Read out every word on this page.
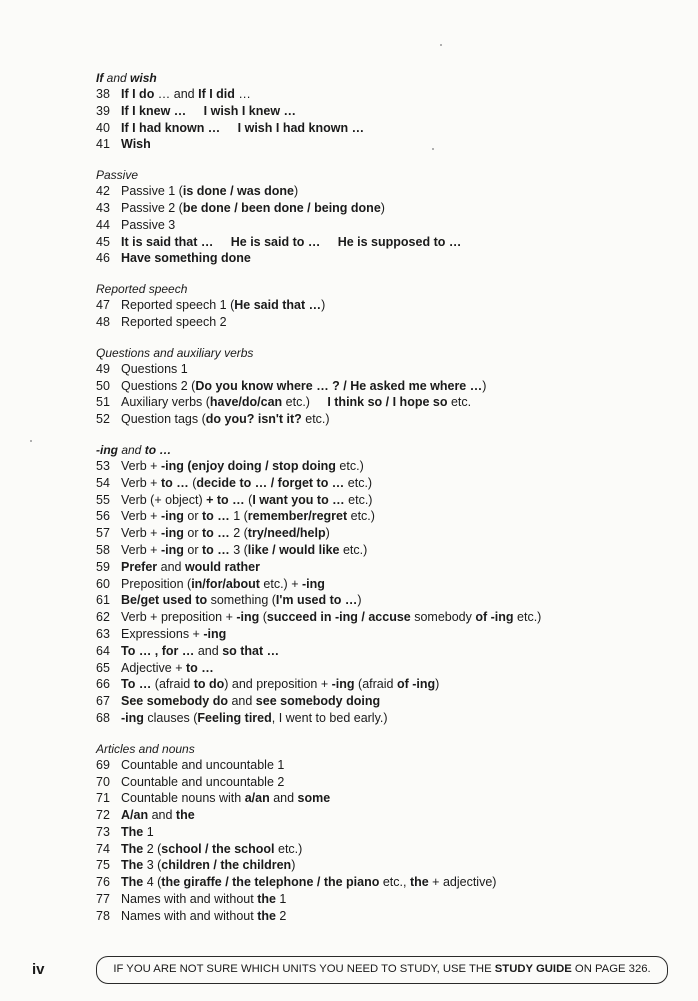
If and wish
38 If I do … and If I did …
39 If I knew …     I wish I knew …
40 If I had known …     I wish I had known …
41 Wish
Passive
42 Passive 1 (is done / was done)
43 Passive 2 (be done / been done / being done)
44 Passive 3
45 It is said that …     He is said to …     He is supposed to …
46 Have something done
Reported speech
47 Reported speech 1 (He said that …)
48 Reported speech 2
Questions and auxiliary verbs
49 Questions 1
50 Questions 2 (Do you know where … ? / He asked me where …)
51 Auxiliary verbs (have/do/can etc.)     I think so / I hope so etc.
52 Question tags (do you? isn't it? etc.)
-ing and to …
53 Verb + -ing (enjoy doing / stop doing etc.)
54 Verb + to … (decide to … / forget to … etc.)
55 Verb (+ object) + to … (I want you to … etc.)
56 Verb + -ing or to … 1 (remember/regret etc.)
57 Verb + -ing or to … 2 (try/need/help)
58 Verb + -ing or to … 3 (like / would like etc.)
59 Prefer and would rather
60 Preposition (in/for/about etc.) + -ing
61 Be/get used to something (I'm used to …)
62 Verb + preposition + -ing (succeed in -ing / accuse somebody of -ing etc.)
63 Expressions + -ing
64 To … , for … and so that …
65 Adjective + to …
66 To … (afraid to do) and preposition + -ing (afraid of -ing)
67 See somebody do and see somebody doing
68 -ing clauses (Feeling tired, I went to bed early.)
Articles and nouns
69 Countable and uncountable 1
70 Countable and uncountable 2
71 Countable nouns with a/an and some
72 A/an and the
73 The 1
74 The 2 (school / the school etc.)
75 The 3 (children / the children)
76 The 4 (the giraffe / the telephone / the piano etc., the + adjective)
77 Names with and without the 1
78 Names with and without the 2
iv	IF YOU ARE NOT SURE WHICH UNITS YOU NEED TO STUDY, USE THE STUDY GUIDE ON PAGE 326.
